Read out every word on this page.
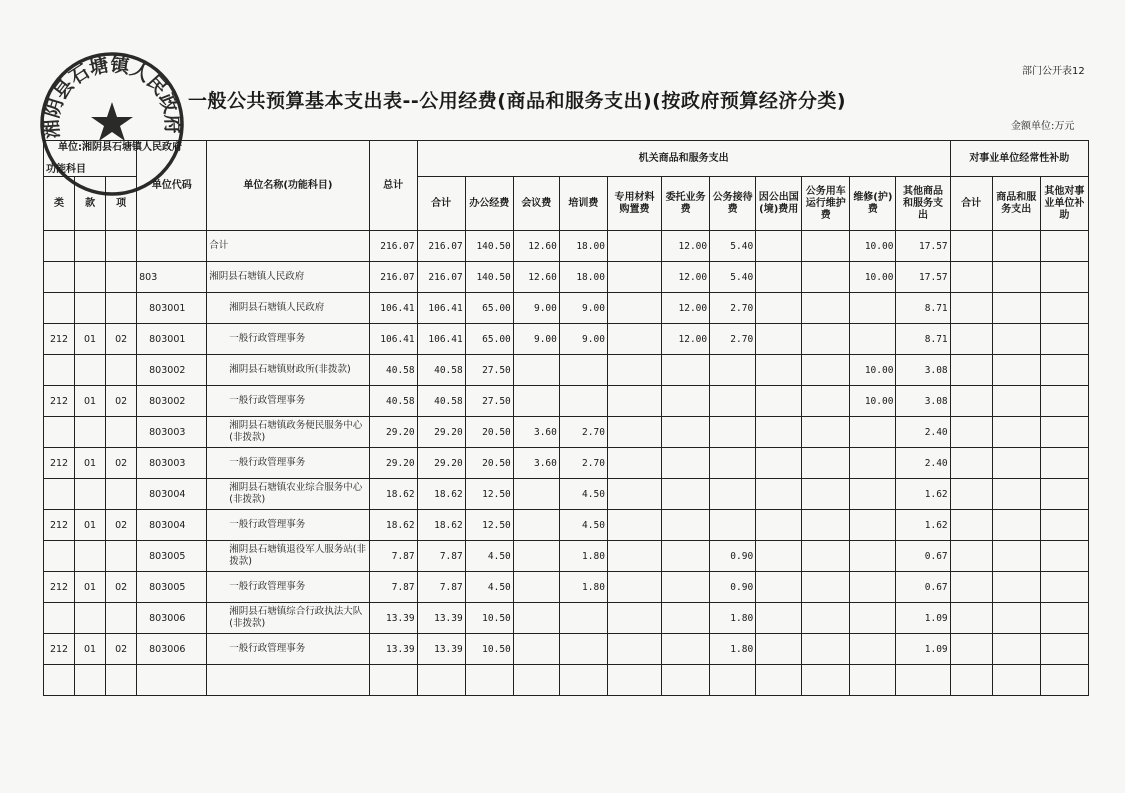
部门公开表12
一般公共预算基本支出表--公用经费(商品和服务支出)(按政府预算经济分类)
金额单位:万元
湘阴县石塘镇人民政府
单位:湘阴县石塘镇人民政府
功能科目			单位代码	单位名称(功能科目)	总计	机关商品和服务支出											对事业单位经常性补助		
类	款	项				合计	办公经费	会议费	培训费	专用材料购置费	委托业务费	公务接待费	因公出国(境)费用	公务用车运行维护费	维修(护)费	其他商品和服务支出	合计	商品和服务支出	其他对事业单位补助
				合计	216.07	216.07	140.50	12.60	18.00		12.00	5.40			10.00	17.57			
			803	湘阴县石塘镇人民政府	216.07	216.07	140.50	12.60	18.00		12.00	5.40			10.00	17.57			
			803001	湘阴县石塘镇人民政府	106.41	106.41	65.00	9.00	9.00		12.00	2.70				8.71			
212	01	02	803001	一般行政管理事务	106.41	106.41	65.00	9.00	9.00		12.00	2.70				8.71			
			803002	湘阴县石塘镇财政所(非拨款)	40.58	40.58	27.50								10.00	3.08			
212	01	02	803002	一般行政管理事务	40.58	40.58	27.50								10.00	3.08			
			803003	湘阴县石塘镇政务便民服务中心(非拨款)	29.20	29.20	20.50	3.60	2.70							2.40			
212	01	02	803003	一般行政管理事务	29.20	29.20	20.50	3.60	2.70							2.40			
			803004	湘阴县石塘镇农业综合服务中心(非拨款)	18.62	18.62	12.50		4.50							1.62			
212	01	02	803004	一般行政管理事务	18.62	18.62	12.50		4.50							1.62			
			803005	湘阴县石塘镇退役军人服务站(非拨款)	7.87	7.87	4.50		1.80			0.90				0.67			
212	01	02	803005	一般行政管理事务	7.87	7.87	4.50		1.80			0.90				0.67			
			803006	湘阴县石塘镇综合行政执法大队(非拨款)	13.39	13.39	10.50					1.80				1.09			
212	01	02	803006	一般行政管理事务	13.39	13.39	10.50					1.80				1.09			
